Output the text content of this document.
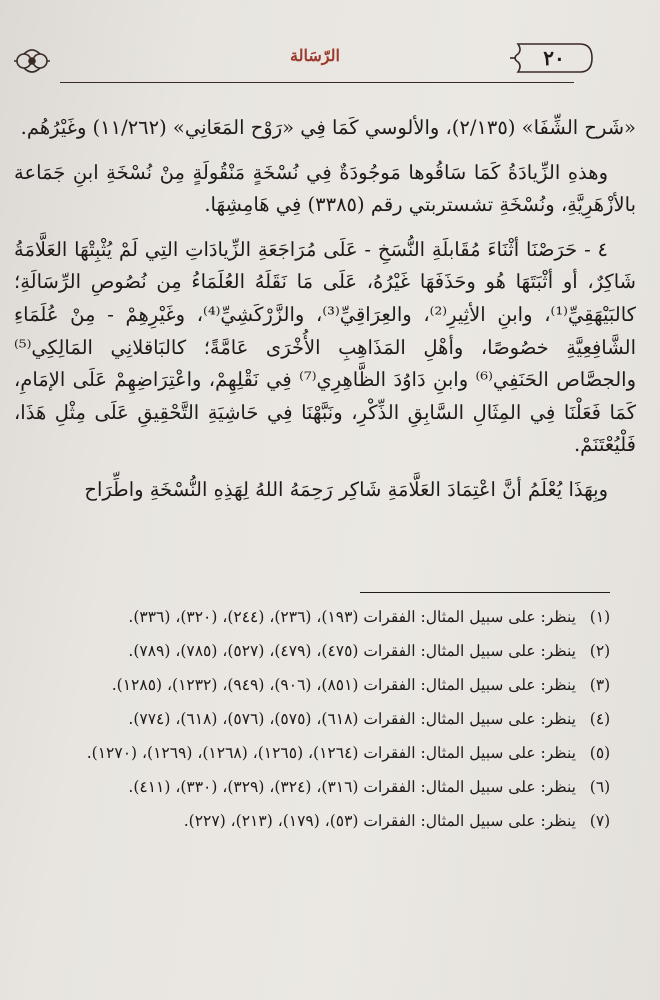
الرّسَالة	٢٠

«شَرح الشِّفَا» (٢/١٣٥)، والألوسي كَمَا فِي «رَوْح المَعَانِي» (١١/٢٦٢) وغَيْرُهُم.

وهذهِ الزِّيادَةُ كَمَا سَاقُوها مَوجُودَةٌ فِي نُسْخَةٍ مَنْقُولَةٍ مِنْ نُسْخَةِ ابنِ جَمَاعة بالأزْهَرِيَّةِ، ونُسْخَةِ تشستربتي رقم (٣٣٨٥) فِي هَامِشِهَا.

٤ - حَرَصْنَا أثْنَاءَ مُقَابلَةِ النُّسَخِ - عَلَى مُرَاجَعَةِ الزِّيادَاتِ التِي لَمْ يُثْبِتْهَا العَلَّامَةُ شَاكِرٌ، أو أثْبَتَهَا هُو وحَذَفَهَا غَيْرُهُ، عَلَى مَا نَقَلَهُ العُلَمَاءُ مِن نُصُوصِ الرِّسَالَةِ؛ كالبَيْهَقِيِّ⁽¹⁾، وابنِ الأثِيرِ⁽²⁾، والعِرَاقِيِّ⁽³⁾، والزَّرْكَشِيِّ⁽⁴⁾، وغَيْرِهِمْ - مِنْ عُلَمَاءِ الشَّافِعِيَّةِ خصُوصًا، وأهْلِ المَذَاهِبِ الأُخْرَى عَامَّةً؛ كالبَاقلانِي المَالِكِي⁽⁵⁾ والجصَّاص الحَنَفِي⁽⁶⁾ وابنِ دَاوُدَ الظَّاهِرِي⁽⁷⁾ فِي نَقْلِهِمْ، واعْتِرَاضِهِمْ عَلَى الإمَامِ، كَمَا فَعَلْنَا فِي المِثَالِ السَّابِقِ الذِّكْرِ، ونَبَّهْنَا فِي حَاشِيَةِ التَّحْقِيقِ عَلَى مِثْلِ هَذَا، فَلْيُعْتَنَمْ.

وبِهَذَا يُعْلَمُ أنَّ اعْتِمَادَ العَلَّامَةِ شَاكِر رَحِمَهُ اللهُ لِهَذِهِ النُّسْخَةِ واطِّرَاح

(١)
ينظر: على سبيل المثال: الفقرات (١٩٣)، (٢٣٦)، (٢٤٤)، (٣٢٠)، (٣٣٦).
(٢)
ينظر: على سبيل المثال: الفقرات (٤٧٥)، (٤٧٩)، (٥٢٧)، (٧٨٥)، (٧٨٩).
(٣)
ينظر: على سبيل المثال: الفقرات (٨٥١)، (٩٠٦)، (٩٤٩)، (١٢٣٢)، (١٢٨٥).
(٤)
ينظر: على سبيل المثال: الفقرات (٦١٨)، (٥٧٥)، (٥٧٦)، (٦١٨)، (٧٧٤).
(٥)
ينظر: على سبيل المثال: الفقرات (١٢٦٤)، (١٢٦٥)، (١٢٦٨)، (١٢٦٩)، (١٢٧٠).
(٦)
ينظر: على سبيل المثال: الفقرات (٣١٦)، (٣٢٤)، (٣٢٩)، (٣٣٠)، (٤١١).
(٧)
ينظر: على سبيل المثال: الفقرات (٥٣)، (١٧٩)، (٢١٣)، (٢٢٧).
